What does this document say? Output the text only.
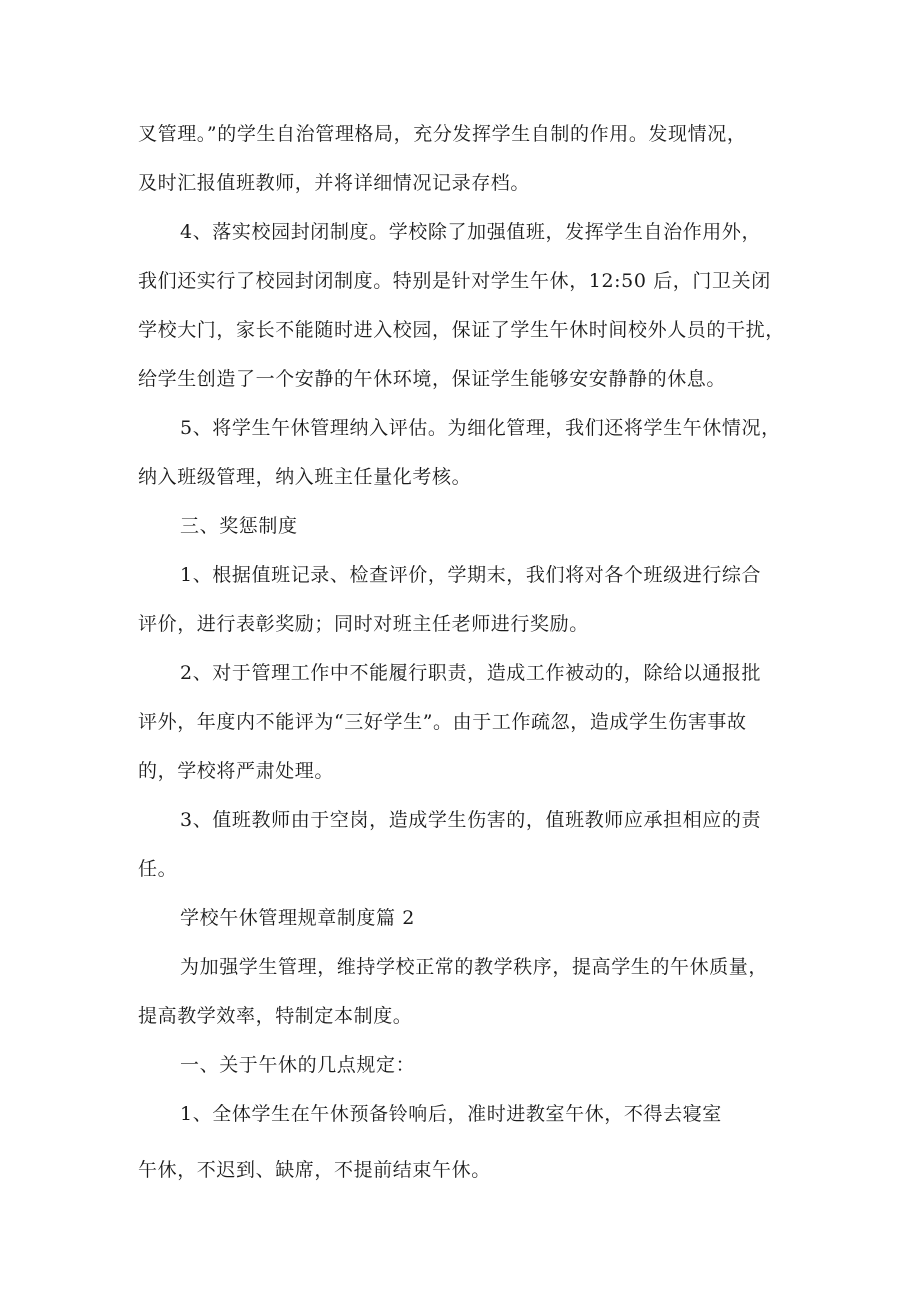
叉管理。”的学生自治管理格局，充分发挥学生自制的作用。发现情况，
及时汇报值班教师，并将详细情况记录存档。
4、落实校园封闭制度。学校除了加强值班，发挥学生自治作用外，
我们还实行了校园封闭制度。特别是针对学生午休，12:50 后，门卫关闭
学校大门，家长不能随时进入校园，保证了学生午休时间校外人员的干扰，
给学生创造了一个安静的午休环境，保证学生能够安安静静的休息。
5、将学生午休管理纳入评估。为细化管理，我们还将学生午休情况，
纳入班级管理，纳入班主任量化考核。
三、奖惩制度
1、根据值班记录、检查评价，学期末，我们将对各个班级进行综合
评价，进行表彰奖励；同时对班主任老师进行奖励。
2、对于管理工作中不能履行职责，造成工作被动的，除给以通报批
评外，年度内不能评为“三好学生”。由于工作疏忽，造成学生伤害事故
的，学校将严肃处理。
3、值班教师由于空岗，造成学生伤害的，值班教师应承担相应的责
任。
学校午休管理规章制度篇 2
为加强学生管理，维持学校正常的教学秩序，提高学生的午休质量，
提高教学效率，特制定本制度。
一、关于午休的几点规定：
1、全体学生在午休预备铃响后，准时进教室午休，不得去寝室
午休，不迟到、缺席，不提前结束午休。
